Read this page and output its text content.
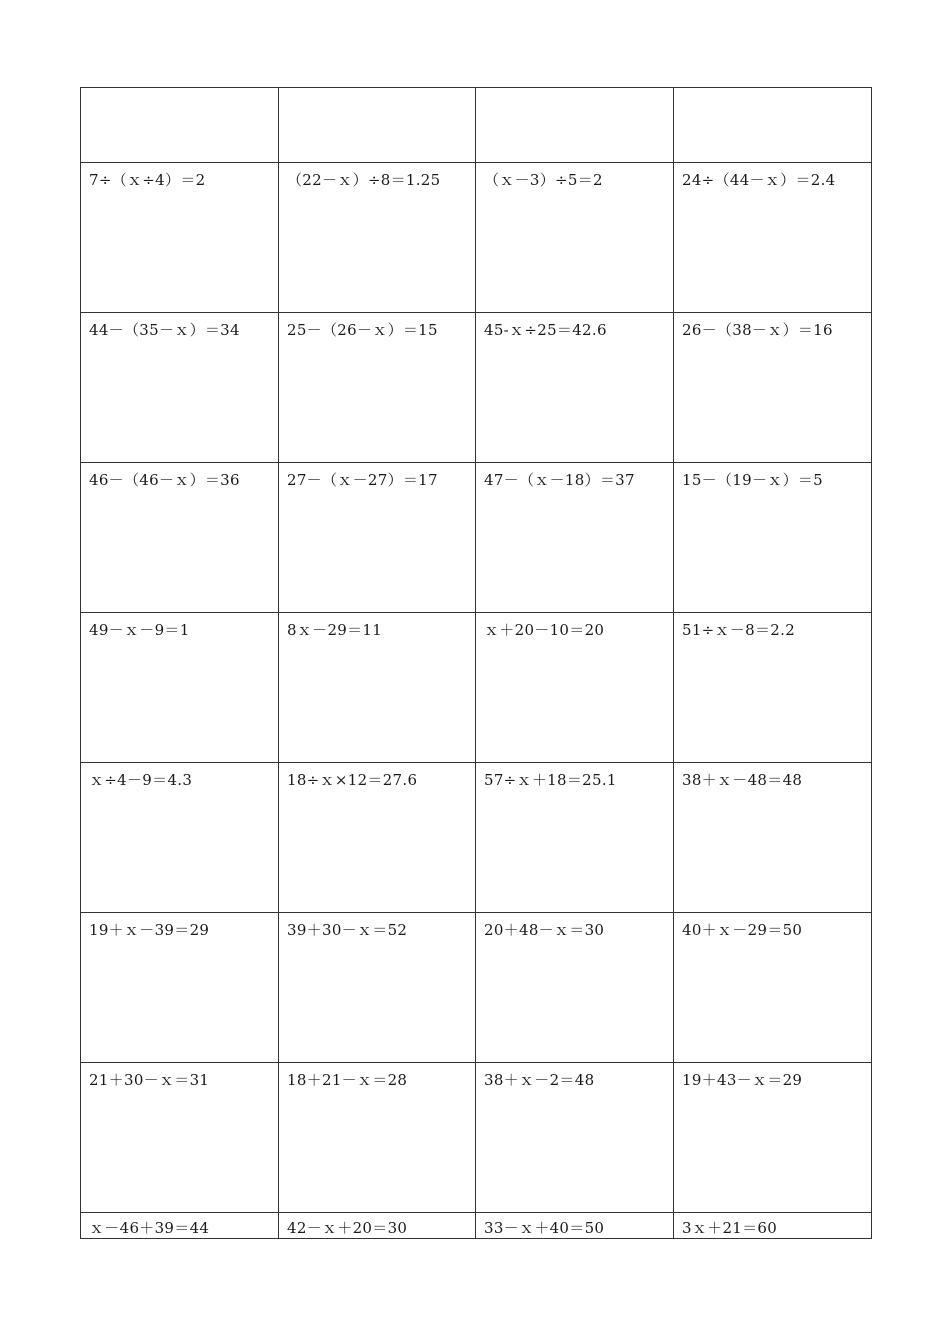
7÷（ｘ÷4）＝2	（22－ｘ）÷8＝1.25	（ｘ－3）÷5＝2	24÷（44－ｘ）＝2.4
44－（35－ｘ）＝34	25－（26－ｘ）＝15	45-ｘ÷25＝42.6	26－（38－ｘ）＝16
46－（46－ｘ）＝36	27－（ｘ－27）＝17	47－（ｘ－18）＝37	15－（19－ｘ）＝5
49－ｘ－9＝1	8ｘ－29＝11	ｘ＋20－10＝20	51÷ｘ－8＝2.2
ｘ÷4－9＝4.3	18÷ｘ×12＝27.6	57÷ｘ＋18＝25.1	38＋ｘ－48＝48
19＋ｘ－39＝29	39＋30－ｘ＝52	20＋48－ｘ＝30	40＋ｘ－29＝50
21＋30－ｘ＝31	18＋21－ｘ＝28	38＋ｘ－2＝48	19＋43－ｘ＝29
ｘ－46＋39＝44	42－ｘ＋20＝30	33－ｘ＋40＝50	3ｘ＋21＝60
